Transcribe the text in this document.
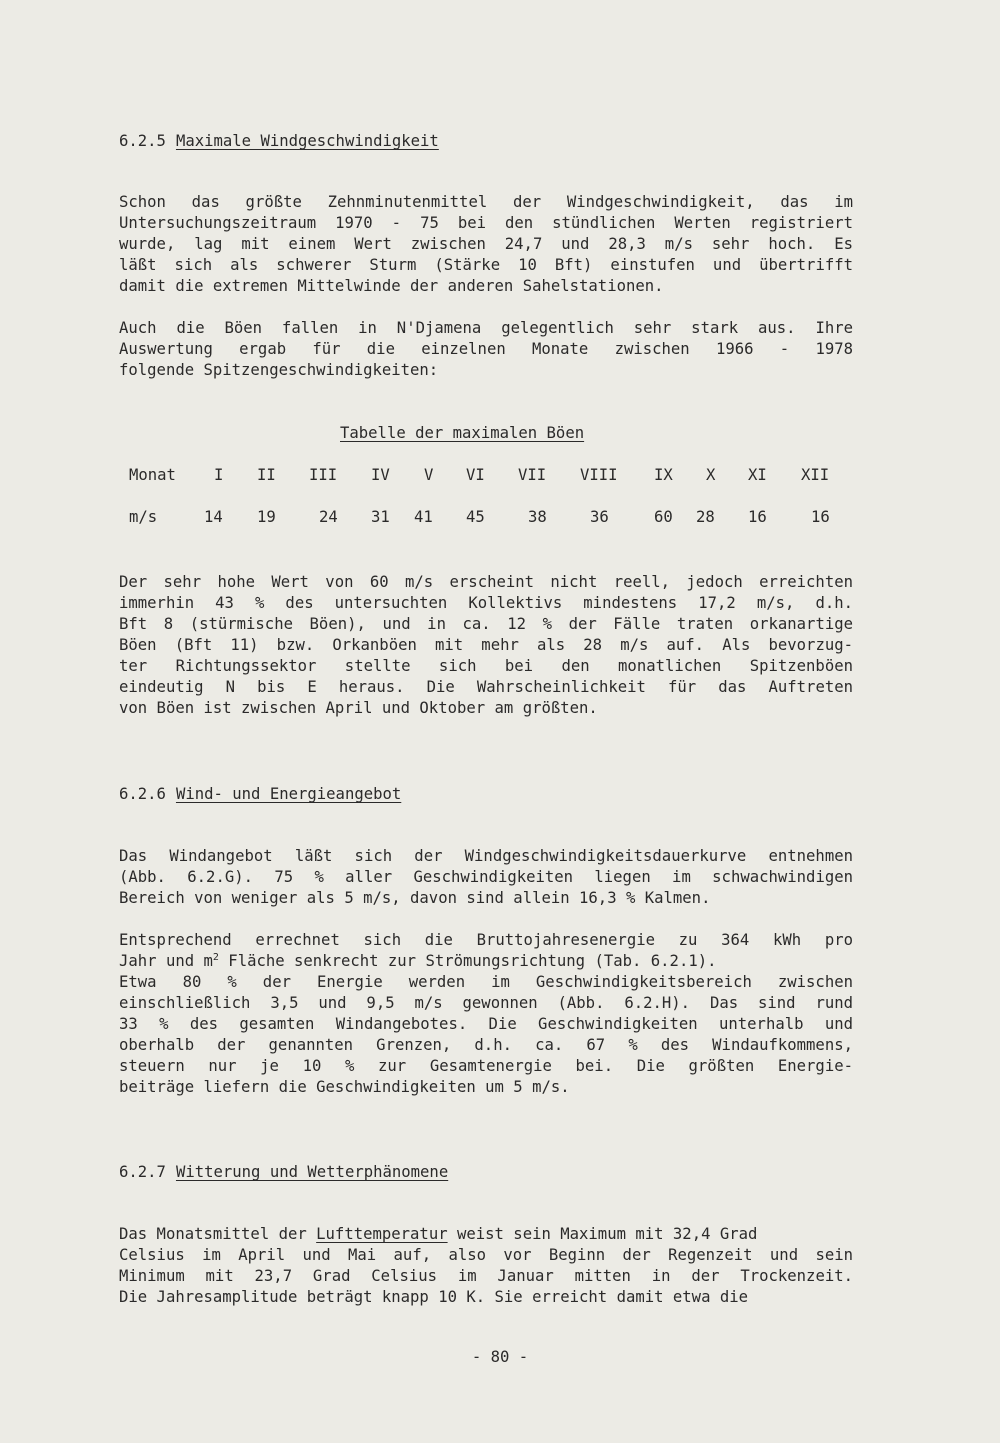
6.2.5 Maximale Windgeschwindigkeit
Schon das größte Zehnminutenmittel der Windgeschwindigkeit, das im
Untersuchungszeitraum 1970 - 75 bei den stündlichen Werten registriert
wurde, lag mit einem Wert zwischen 24,7 und 28,3 m/s sehr hoch. Es
läßt sich als schwerer Sturm (Stärke 10 Bft) einstufen und übertrifft
damit die extremen Mittelwinde der anderen Sahelstationen.
Auch die Böen fallen in N'Djamena gelegentlich sehr stark aus. Ihre
Auswertung ergab für die einzelnen Monate zwischen 1966 - 1978
folgende Spitzengeschwindigkeiten:
Tabelle der maximalen Böen
Monat I II III IV V VI VII VIII IX X XI XII
m/s	14 19	24 31 41 45	38	36	60 28 16	16
Der sehr hohe Wert von 60 m/s erscheint nicht reell, jedoch erreichten
immerhin 43 % des untersuchten Kollektivs mindestens 17,2 m/s, d.h.
Bft 8 (stürmische Böen), und in ca. 12 % der Fälle traten orkanartige
Böen (Bft 11) bzw. Orkanböen mit mehr als 28 m/s auf. Als bevorzug-
ter Richtungssektor stellte sich bei den monatlichen Spitzenböen
eindeutig N bis E heraus. Die Wahrscheinlichkeit für das Auftreten
von Böen ist zwischen April und Oktober am größten.
6.2.6 Wind- und Energieangebot
Das Windangebot läßt sich der Windgeschwindigkeitsdauerkurve entnehmen
(Abb. 6.2.G). 75 % aller Geschwindigkeiten liegen im schwachwindigen
Bereich von weniger als 5 m/s, davon sind allein 16,3 % Kalmen.
Entsprechend errechnet sich die Bruttojahresenergie zu 364 kWh pro
Jahr und $m^2$ Fläche senkrecht zur Strömungsrichtung (Tab. 6.2.1).
Etwa 80 % der Energie werden im Geschwindigkeitsbereich zwischen
einschließlich 3,5 und 9,5 m/s gewonnen (Abb. 6.2.H). Das sind rund
33 % des gesamten Windangebotes. Die Geschwindigkeiten unterhalb und
oberhalb der genannten Grenzen, d.h. ca. 67 % des Windaufkommens,
steuern nur je 10 % zur Gesamtenergie bei. Die größten Energie-
beiträge liefern die Geschwindigkeiten um 5 m/s.
6.2.7 Witterung und Wetterphänomene
Das Monatsmittel der Lufttemperatur weist sein Maximum mit 32,4 Grad
Celsius im April und Mai auf, also vor Beginn der Regenzeit und sein
Minimum mit 23,7 Grad Celsius im Januar mitten in der Trockenzeit.
Die Jahresamplitude beträgt knapp 10 K. Sie erreicht damit etwa die
- 80 -
